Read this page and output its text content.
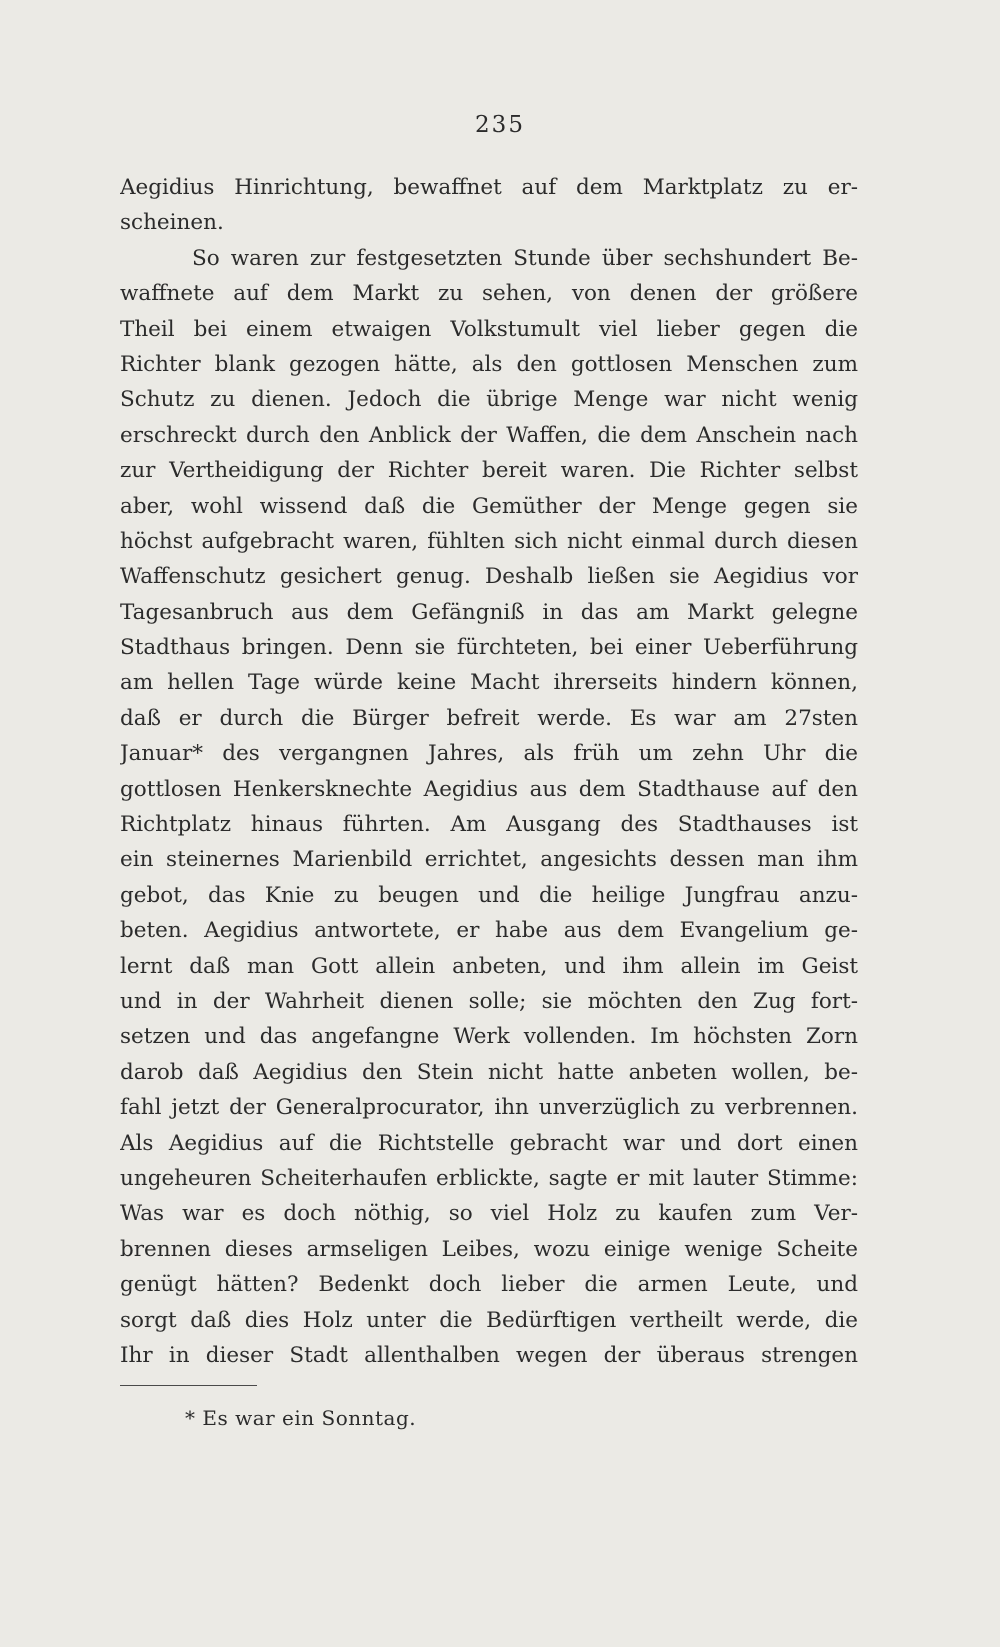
235
Aegidius Hinrichtung, bewaffnet auf dem Marktplatz zu er-
scheinen.
So waren zur festgesetzten Stunde über sechshundert Be-
waffnete auf dem Markt zu sehen, von denen der größere
Theil bei einem etwaigen Volkstumult viel lieber gegen die
Richter blank gezogen hätte, als den gottlosen Menschen zum
Schutz zu dienen. Jedoch die übrige Menge war nicht wenig
erschreckt durch den Anblick der Waffen, die dem Anschein nach
zur Vertheidigung der Richter bereit waren. Die Richter selbst
aber, wohl wissend daß die Gemüther der Menge gegen sie
höchst aufgebracht waren, fühlten sich nicht einmal durch diesen
Waffenschutz gesichert genug. Deshalb ließen sie Aegidius vor
Tagesanbruch aus dem Gefängniß in das am Markt gelegne
Stadthaus bringen. Denn sie fürchteten, bei einer Ueberführung
am hellen Tage würde keine Macht ihrerseits hindern können,
daß er durch die Bürger befreit werde. Es war am 27sten
Januar* des vergangnen Jahres, als früh um zehn Uhr die
gottlosen Henkersknechte Aegidius aus dem Stadthause auf den
Richtplatz hinaus führten. Am Ausgang des Stadthauses ist
ein steinernes Marienbild errichtet, angesichts dessen man ihm
gebot, das Knie zu beugen und die heilige Jungfrau anzu-
beten. Aegidius antwortete, er habe aus dem Evangelium ge-
lernt daß man Gott allein anbeten, und ihm allein im Geist
und in der Wahrheit dienen solle; sie möchten den Zug fort-
setzen und das angefangne Werk vollenden. Im höchsten Zorn
darob daß Aegidius den Stein nicht hatte anbeten wollen, be-
fahl jetzt der Generalprocurator, ihn unverzüglich zu verbrennen.
Als Aegidius auf die Richtstelle gebracht war und dort einen
ungeheuren Scheiterhaufen erblickte, sagte er mit lauter Stimme:
Was war es doch nöthig, so viel Holz zu kaufen zum Ver-
brennen dieses armseligen Leibes, wozu einige wenige Scheite
genügt hätten? Bedenkt doch lieber die armen Leute, und
sorgt daß dies Holz unter die Bedürftigen vertheilt werde, die
Ihr in dieser Stadt allenthalben wegen der überaus strengen
* Es war ein Sonntag.
